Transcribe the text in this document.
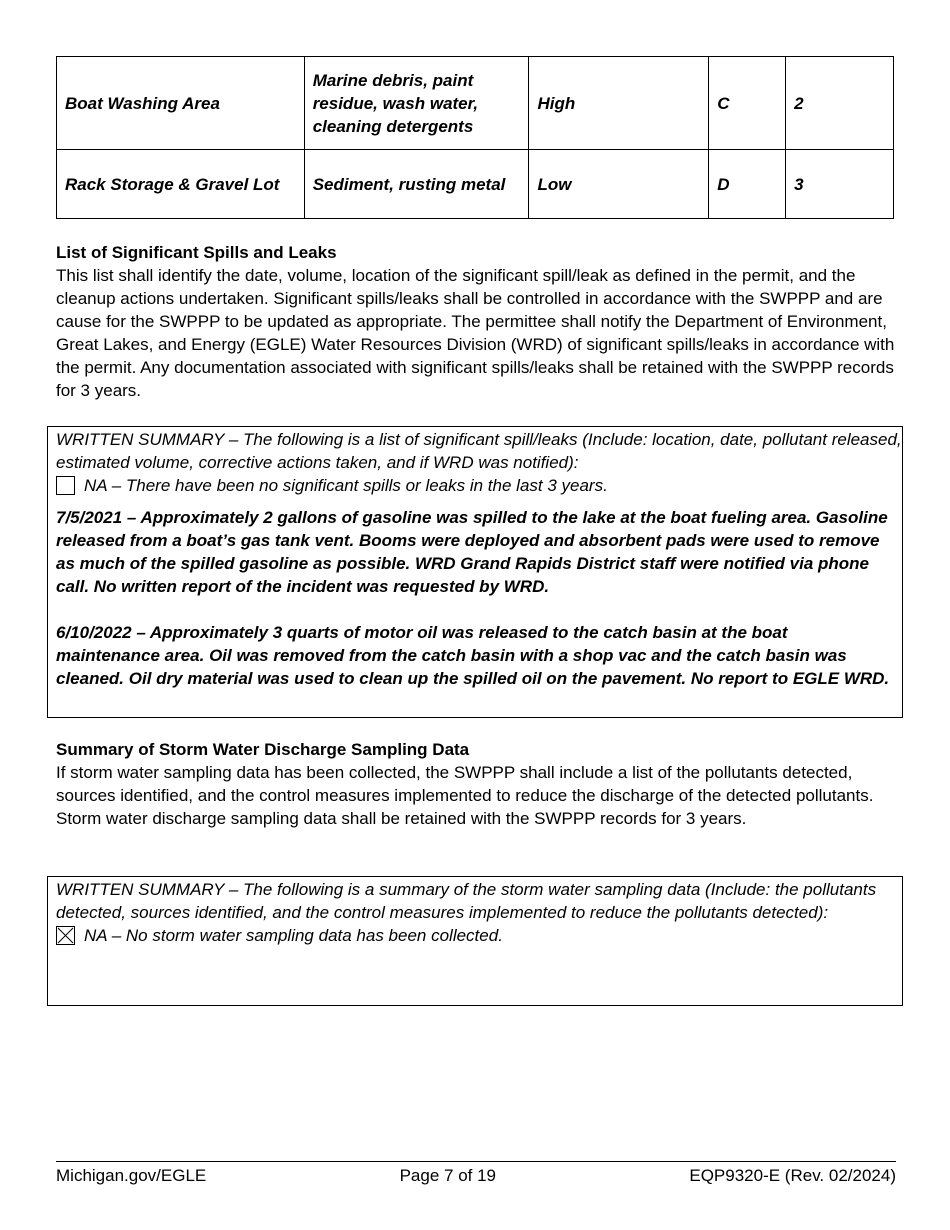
Boat Washing Area	Marine debris, paint residue, wash water, cleaning detergents	High	C	2
Rack Storage & Gravel Lot	Sediment, rusting metal	Low	D	3
List of Significant Spills and Leaks
This list shall identify the date, volume, location of the significant spill/leak as defined in the permit, and the cleanup actions undertaken. Significant spills/leaks shall be controlled in accordance with the SWPPP and are cause for the SWPPP to be updated as appropriate. The permittee shall notify the Department of Environment, Great Lakes, and Energy (EGLE) Water Resources Division (WRD) of significant spills/leaks in accordance with the permit. Any documentation associated with significant spills/leaks shall be retained with the SWPPP records for 3 years.
WRITTEN SUMMARY – The following is a list of significant spill/leaks (Include: location, date, pollutant released, estimated volume, corrective actions taken, and if WRD was notified):
NA – There have been no significant spills or leaks in the last 3 years.
7/5/2021 – Approximately 2 gallons of gasoline was spilled to the lake at the boat fueling area. Gasoline released from a boat’s gas tank vent. Booms were deployed and absorbent pads were used to remove as much of the spilled gasoline as possible. WRD Grand Rapids District staff were notified via phone call. No written report of the incident was requested by WRD.
6/10/2022 – Approximately 3 quarts of motor oil was released to the catch basin at the boat maintenance area. Oil was removed from the catch basin with a shop vac and the catch basin was cleaned. Oil dry material was used to clean up the spilled oil on the pavement. No report to EGLE WRD.
Summary of Storm Water Discharge Sampling Data
If storm water sampling data has been collected, the SWPPP shall include a list of the pollutants detected, sources identified, and the control measures implemented to reduce the discharge of the detected pollutants. Storm water discharge sampling data shall be retained with the SWPPP records for 3 years.
WRITTEN SUMMARY – The following is a summary of the storm water sampling data (Include: the pollutants detected, sources identified, and the control measures implemented to reduce the pollutants detected):
NA – No storm water sampling data has been collected.
Michigan.gov/EGLE	Page 7 of 19	EQP9320-E (Rev. 02/2024)
